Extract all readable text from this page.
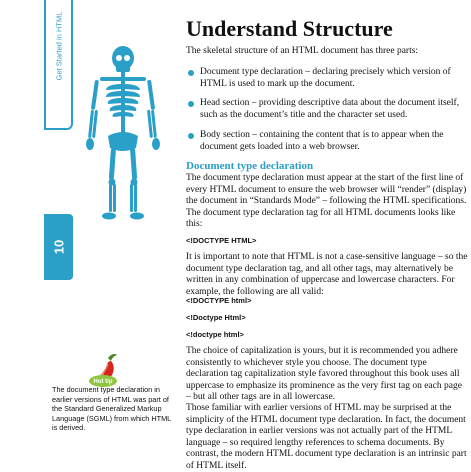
Get Started in HTML
10
Hot tip
The document type declaration in earlier versions of HTML was part of the Standard Generalized Markup Language (SGML) from which HTML is derived.
Understand Structure

The skeletal structure of an HTML document has three parts:

Document type declaration – declaring precisely which version of HTML is used to mark up the document.
Head section – providing descriptive data about the document itself, such as the document’s title and the character set used.
Body section – containing the content that is to appear when the document gets loaded into a web browser.
Document type declaration

The document type declaration must appear at the start of the first line of every HTML document to ensure the web browser will “render” (display) the document in “Standards Mode” – following the HTML specifications. The document type declaration tag for all HTML documents looks like this:

<!DOCTYPE HTML>

It is important to note that HTML is not a case-sensitive language – so the document type declaration tag, and all other tags, may alternatively be written in any combination of uppercase and lowercase characters. For example, the following are all valid:

<!DOCTYPE html>
<!Doctype Html>
<!doctype html>

The choice of capitalization is yours, but it is recommended you adhere consistently to whichever style you choose. The document type declaration tag capitalization style favored throughout this book uses all uppercase to emphasize its prominence as the very first tag on each page – but all other tags are in all lowercase.

Those familiar with earlier versions of HTML may be surprised at the simplicity of the HTML document type declaration. In fact, the document type declaration in earlier versions was not actually part of the HTML language – so required lengthy references to schema documents. By contrast, the modern HTML document type declaration is an intrinsic part of HTML itself.
